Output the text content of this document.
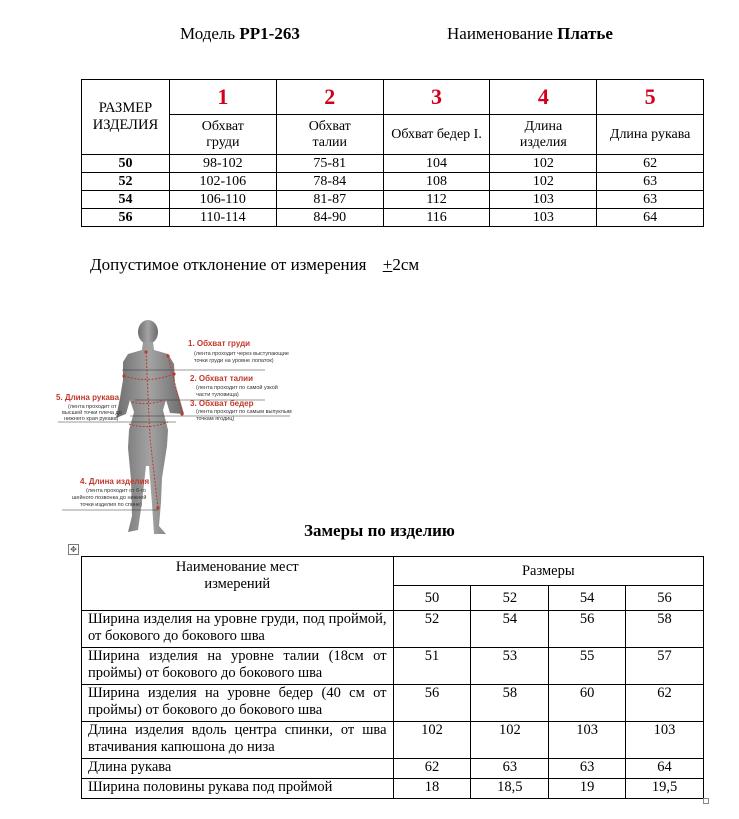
Модель РР1-263	Наименование Платье
РАЗМЕР ИЗДЕЛИЯ	1	2	3	4	5
	Обхват груди	Обхват талии	Обхват бедер I.	Длина изделия	Длина рукава
50	98-102	75-81	104	102	62
52	102-106	78-84	108	102	63
54	106-110	81-87	112	103	63
56	110-114	84-90	116	103	64
Допустимое отклонение от измерения +2см
1. Обхват груди
(лента проходит через выступающие
точки груди на уровне лопаток)
2. Обхват талии
(лента проходит по самой узкой
части туловища)
3. Обхват бедер
(лента проходит по самым выпуклым
точкам ягодиц)
5. Длина рукава
(лента проходит от
высшей точки плеча до
нижнего края рукава)
4. Длина изделия
(лента проходит от 6-го
шейного позвонка до нижней
точки изделия по спине)
Замеры по изделию
✥
Наименование мест измерений	Размеры			
	50	52	54	56
Ширина изделия на уровне груди, под проймой, от бокового до бокового шва	52	54	56	58
Ширина изделия на уровне талии (18см от проймы) от бокового до бокового шва	51	53	55	57
Ширина изделия на уровне бедер (40 см от проймы) от бокового до бокового шва	56	58	60	62
Длина изделия вдоль центра спинки, от шва втачивания капюшона до низа	102	102	103	103
Длина рукава	62	63	63	64
Ширина половины рукава под проймой	18	18,5	19	19,5
